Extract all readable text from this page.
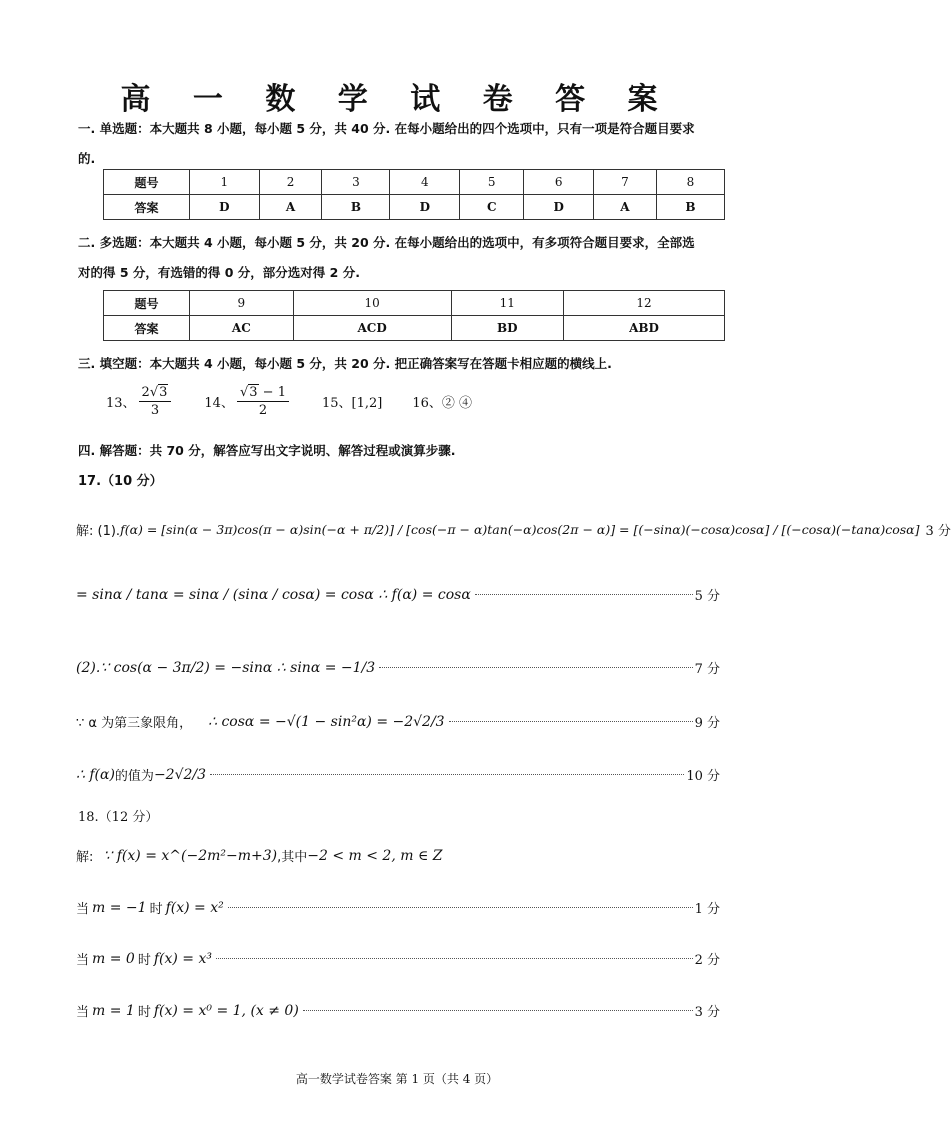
高 一 数 学 试 卷 答 案
一. 单选题：本大题共 8 小题，每小题 5 分，共 40 分. 在每小题给出的四个选项中，只有一项是符合题目要求
的.
题号	1	2	3	4	5	6	7	8
答案	D	A	B	D	C	D	A	B
二. 多选题：本大题共 4 小题，每小题 5 分，共 20 分. 在每小题给出的选项中，有多项符合题目要求，全部选
对的得 5 分，有选错的得 0 分，部分选对得 2 分.
题号	9	10	11	12
答案	AC	ACD	BD	ABD
三. 填空题：本大题共 4 小题，每小题 5 分，共 20 分. 把正确答案写在答题卡相应题的横线上.
13、 $\frac{2√ 3}{3}$	14、 $\frac{√ 3 - 1}{2}$	15、[1,2] 16、② ④
四. 解答题：共 70 分，解答应写出文字说明、解答过程或演算步骤.
17.（10 分）
解: (1). f(α) = [sin(α − 3π)cos(π − α)sin(−α + π/2)] / [cos(−π − α)tan(−α)cos(2π − α)] = [(−sinα)(−cosα)cosα] / [(−cosα)(−tanα)cosα] 3 分
= sinα / tanα = sinα / (sinα / cosα) = cosα ∴ f(α) = cosα	5 分
(2).∵ cos(α − 3π/2) = −sinα ∴ sinα = −1/3	7 分
∵ α 为第三象限角， ∴ cosα = −√(1 − sin²α) = −2√2/3	9 分
∴ f(α) 的值为 −2√2/3	10 分
18.（12 分）
解: ∵ f(x) = x^(−2m²−m+3) ,其中 −2 < m < 2, m ∈ Z
当 m = −1 时 f(x) = x²	1 分
当 m = 0 时 f(x) = x³	2 分
当 m = 1 时 f(x) = x⁰ = 1, (x ≠ 0)	3 分
高一数学试卷答案 第 1 页（共 4 页）
